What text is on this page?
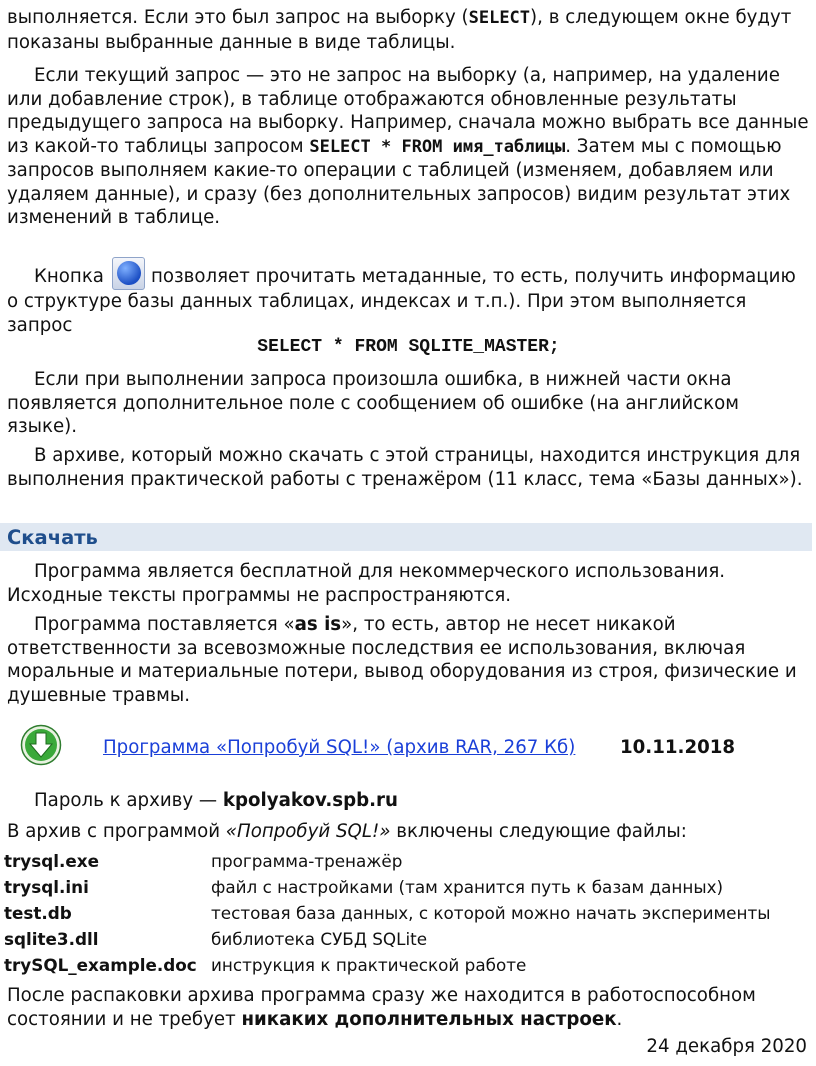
выполняется. Если это был запрос на выборку (SELECT), в следующем окне будут показаны выбранные данные в виде таблицы.

Если текущий запрос — это не запрос на выборку (а, например, на удаление или добавление строк), в таблице отображаются обновленные результаты предыдущего запроса на выборку. Например, сначала можно выбрать все данные из какой-то таблицы запросом SELECT * FROM имя_таблицы. Затем мы с помощью запросов выполняем какие-то операции с таблицей (изменяем, добавляем или удаляем данные), и сразу (без дополнительных запросов) видим результат этих изменений в таблице.

Кнопка	?
позволяет прочитать метаданные, то есть, получить информацию о структуре базы данных таблицах, индексах и т.п.). При этом выполняется запрос

SELECT * FROM SQLITE_MASTER;

Если при выполнении запроса произошла ошибка, в нижней части окна появляется дополнительное поле с сообщением об ошибке (на английском языке).

В архиве, который можно скачать с этой страницы, находится инструкция для выполнения практической работы с тренажёром (11 класс, тема «Базы данных»).

Скачать

Программа является бесплатной для некоммерческого использования. Исходные тексты программы не распространяются.

Программа поставляется «as is», то есть, автор не несет никакой ответственности за всевозможные последствия ее использования, включая моральные и материальные потери, вывод оборудования из строя, физические и душевные травмы.

Программа «Попробуй SQL!» (архив RAR, 267 Кб) 10.11.2018

Пароль к архиву — kpolyakov.spb.ru

В архив с программой «Попробуй SQL!» включены следующие файлы:

trysql.exe	программа-тренажёр
trysql.ini	файл с настройками (там хранится путь к базам данных)
test.db	тестовая база данных, с которой можно начать эксперименты
sqlite3.dll	библиотека СУБД SQLite
trySQL_example.doc	инструкция к практической работе

После распаковки архива программа сразу же находится в работоспособном состоянии и не требует никаких дополнительных настроек.

24 декабря 2020
